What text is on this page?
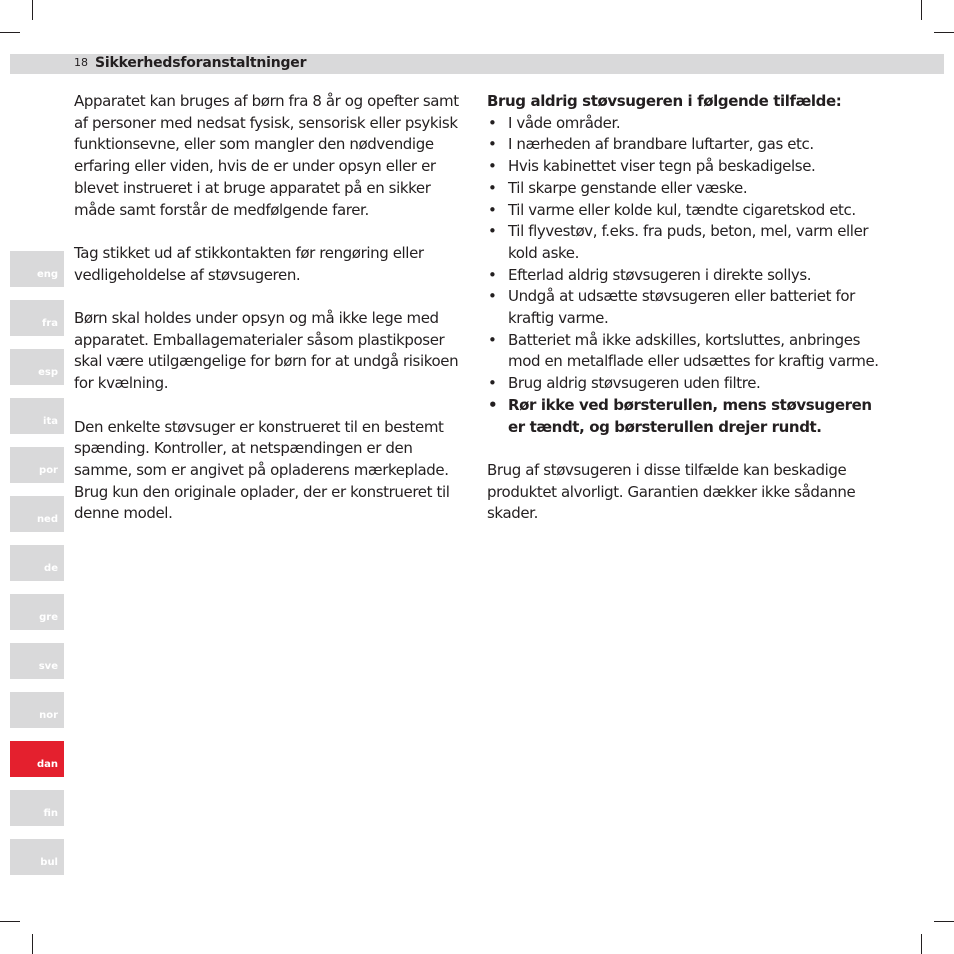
18 Sikkerhedsforanstaltninger

Apparatet kan bruges af børn fra 8 år og opefter samt af personer med nedsat fysisk, sensorisk eller psykisk funktionsevne, eller som mangler den nødvendige erfaring eller viden, hvis de er under opsyn eller er blevet instrueret i at bruge apparatet på en sikker måde samt forstår de medfølgende farer.

Tag stikket ud af stikkontakten før rengøring eller vedligeholdelse af støvsugeren.

Børn skal holdes under opsyn og må ikke lege med apparatet. Emballagematerialer såsom plastikposer skal være utilgængelige for børn for at undgå risikoen for kvælning.

Den enkelte støvsuger er konstrueret til en bestemt spænding. Kontroller, at netspændingen er den samme, som er angivet på opladerens mærkeplade. Brug kun den originale oplader, der er konstrueret til denne model.

Brug aldrig støvsugeren i følgende tilfælde:

• I våde områder.
• I nærheden af brandbare luftarter, gas etc.
• Hvis kabinettet viser tegn på beskadigelse.
• Til skarpe genstande eller væske.
• Til varme eller kolde kul, tændte cigaretskod etc.
• Til flyvestøv, f.eks. fra puds, beton, mel, varm eller kold aske.
• Efterlad aldrig støvsugeren i direkte sollys.
• Undgå at udsætte støvsugeren eller batteriet for kraftig varme.
• Batteriet må ikke adskilles, kortsluttes, anbringes mod en metalflade eller udsættes for kraftig varme.
• Brug aldrig støvsugeren uden filtre.
• Rør ikke ved børsterullen, mens støvsugeren er tændt, og børsterullen drejer rundt.

Brug af støvsugeren i disse tilfælde kan beskadige produktet alvorligt. Garantien dækker ikke sådanne skader.

eng
fra
esp
ita
por
ned
de
gre
sve
nor
dan
fin
bul
